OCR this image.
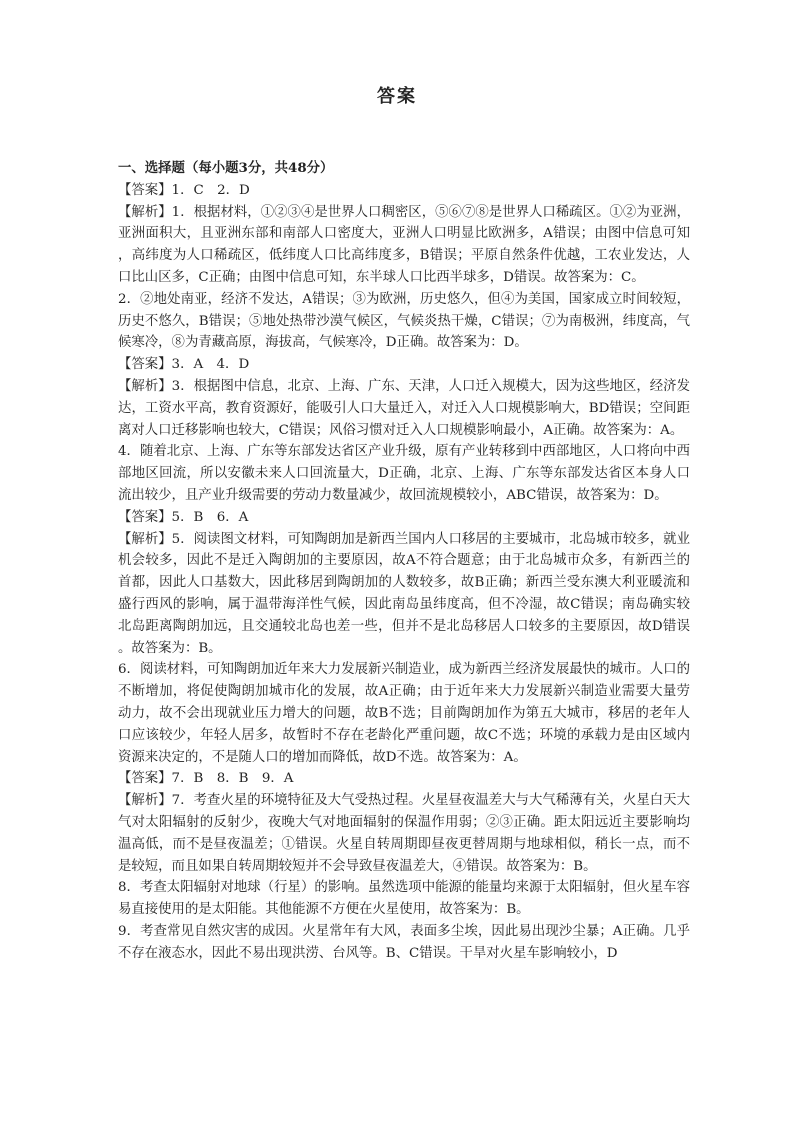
答案

一、选择题（每小题3分，共48分）

【答案】1．C　2．D

【解析】1．根据材料，①②③④是世界人口稠密区，⑤⑥⑦⑧是世界人口稀疏区。①②为亚洲，亚洲面积大，且亚洲东部和南部人口密度大，亚洲人口明显比欧洲多，A错误；由图中信息可知，高纬度为人口稀疏区，低纬度人口比高纬度多，B错误；平原自然条件优越，工农业发达，人口比山区多，C正确；由图中信息可知，东半球人口比西半球多，D错误。故答案为：C。

2．②地处南亚，经济不发达，A错误；③为欧洲，历史悠久，但④为美国，国家成立时间较短，历史不悠久，B错误；⑤地处热带沙漠气候区，气候炎热干燥，C错误；⑦为南极洲，纬度高，气候寒冷，⑧为青藏高原，海拔高，气候寒冷，D正确。故答案为：D。

【答案】3．A　4．D

【解析】3．根据图中信息，北京、上海、广东、天津，人口迁入规模大，因为这些地区，经济发达，工资水平高，教育资源好，能吸引人口大量迁入，对迁入人口规模影响大，BD错误；空间距离对人口迁移影响也较大，C错误；风俗习惯对迁入人口规模影响最小，A正确。故答案为：A。

4．随着北京、上海、广东等东部发达省区产业升级，原有产业转移到中西部地区，人口将向中西部地区回流，所以安徽未来人口回流量大，D正确，北京、上海、广东等东部发达省区本身人口流出较少，且产业升级需要的劳动力数量减少，故回流规模较小，ABC错误，故答案为：D。

【答案】5．B　6．A

【解析】5．阅读图文材料，可知陶朗加是新西兰国内人口移居的主要城市，北岛城市较多，就业机会较多，因此不是迁入陶朗加的主要原因，故A不符合题意；由于北岛城市众多，有新西兰的首都，因此人口基数大，因此移居到陶朗加的人数较多，故B正确；新西兰受东澳大利亚暖流和盛行西风的影响，属于温带海洋性气候，因此南岛虽纬度高，但不冷湿，故C错误；南岛确实较北岛距离陶朗加远，且交通较北岛也差一些，但并不是北岛移居人口较多的主要原因，故D错误。故答案为：B。

6．阅读材料，可知陶朗加近年来大力发展新兴制造业，成为新西兰经济发展最快的城市。人口的不断增加，将促使陶朗加城市化的发展，故A正确；由于近年来大力发展新兴制造业需要大量劳动力，故不会出现就业压力增大的问题，故B不选；目前陶朗加作为第五大城市，移居的老年人口应该较少，年轻人居多，故暂时不存在老龄化严重问题，故C不选；环境的承载力是由区域内资源来决定的，不是随人口的增加而降低，故D不选。故答案为：A。

【答案】7．B　8．B　9．A

【解析】7．考查火星的环境特征及大气受热过程。火星昼夜温差大与大气稀薄有关，火星白天大气对太阳辐射的反射少，夜晚大气对地面辐射的保温作用弱；②③正确。距太阳远近主要影响均温高低，而不是昼夜温差；①错误。火星自转周期即昼夜更替周期与地球相似，稍长一点，而不是较短，而且如果自转周期较短并不会导致昼夜温差大，④错误。故答案为：B。

8．考查太阳辐射对地球（行星）的影响。虽然选项中能源的能量均来源于太阳辐射，但火星车容易直接使用的是太阳能。其他能源不方便在火星使用，故答案为：B。

9．考查常见自然灾害的成因。火星常年有大风，表面多尘埃，因此易出现沙尘暴；A正确。几乎不存在液态水，因此不易出现洪涝、台风等。B、C错误。干旱对火星车影响较小，D
